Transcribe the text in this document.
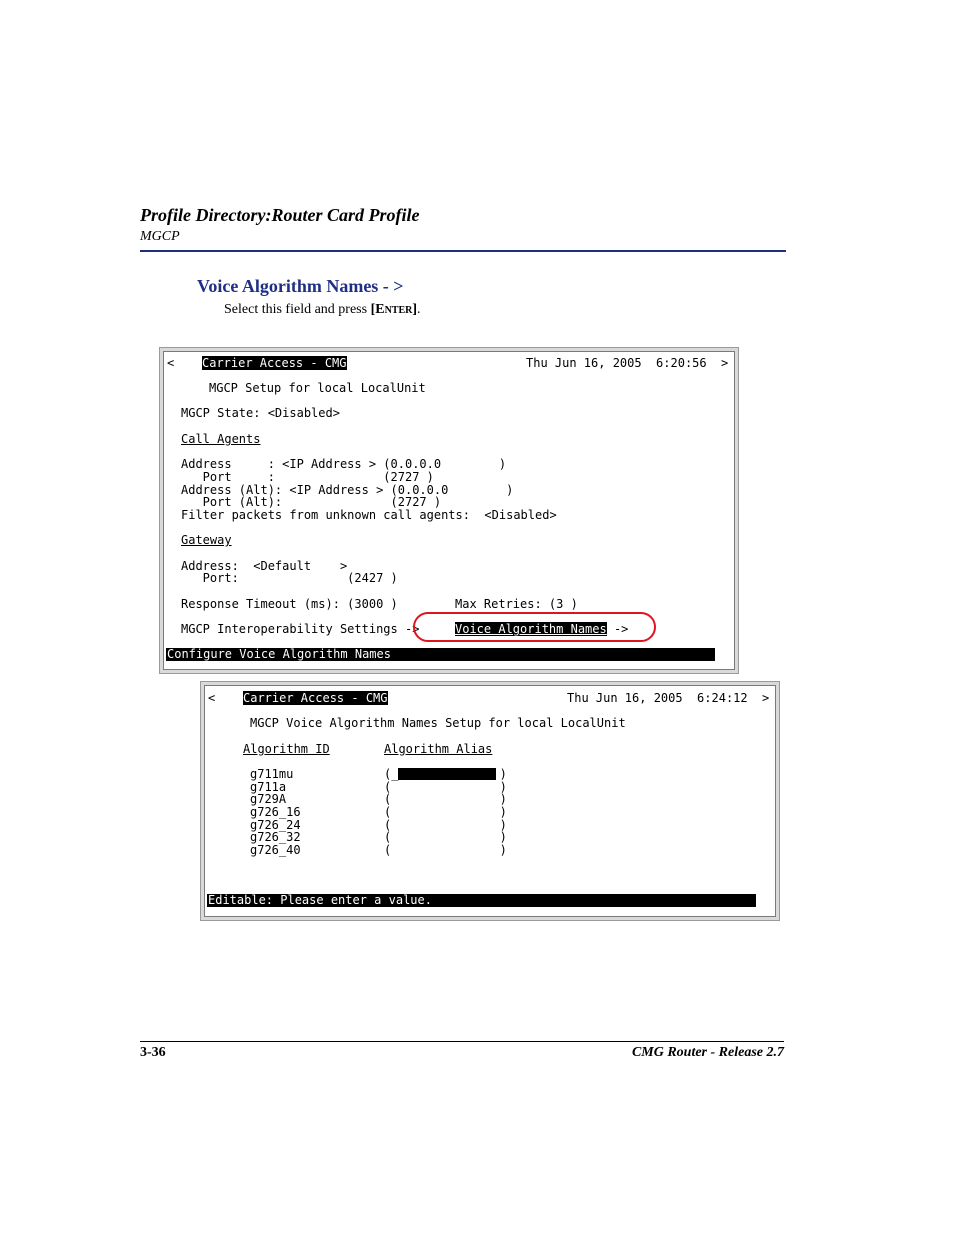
Profile Directory:Router Card Profile
MGCP
Voice Algorithm Names - >
Select this field and press [ENTER].
< Carrier Access - CMG	Thu Jun 16, 2005  6:20:56 >
MGCP Setup for local LocalUnit
MGCP State: <Disabled>
Call Agents
Address     : <IP Address > (0.0.0.0        )
Port     :               (2727 )
Address (Alt): <IP Address > (0.0.0.0        )
Port (Alt):               (2727 )
Filter packets from unknown call agents:  <Disabled>
Gateway
Address:  <Default    >
Port:               (2427 )
Response Timeout (ms): (3000 )	Max Retries: (3 )
MGCP Interoperability Settings ->	Voice Algorithm Names ->
Configure Voice Algorithm Names
< Carrier Access - CMG	Thu Jun 16, 2005  6:24:12 >
MGCP Voice Algorithm Names Setup for local LocalUnit
Algorithm ID	Algorithm Alias
g711mu	(_              )
g711a	(               )
g729A	(               )
g726_16	(               )
g726_24	(               )
g726_32	(               )
g726_40	(               )
Editable: Please enter a value.
3-36	CMG Router - Release 2.7
